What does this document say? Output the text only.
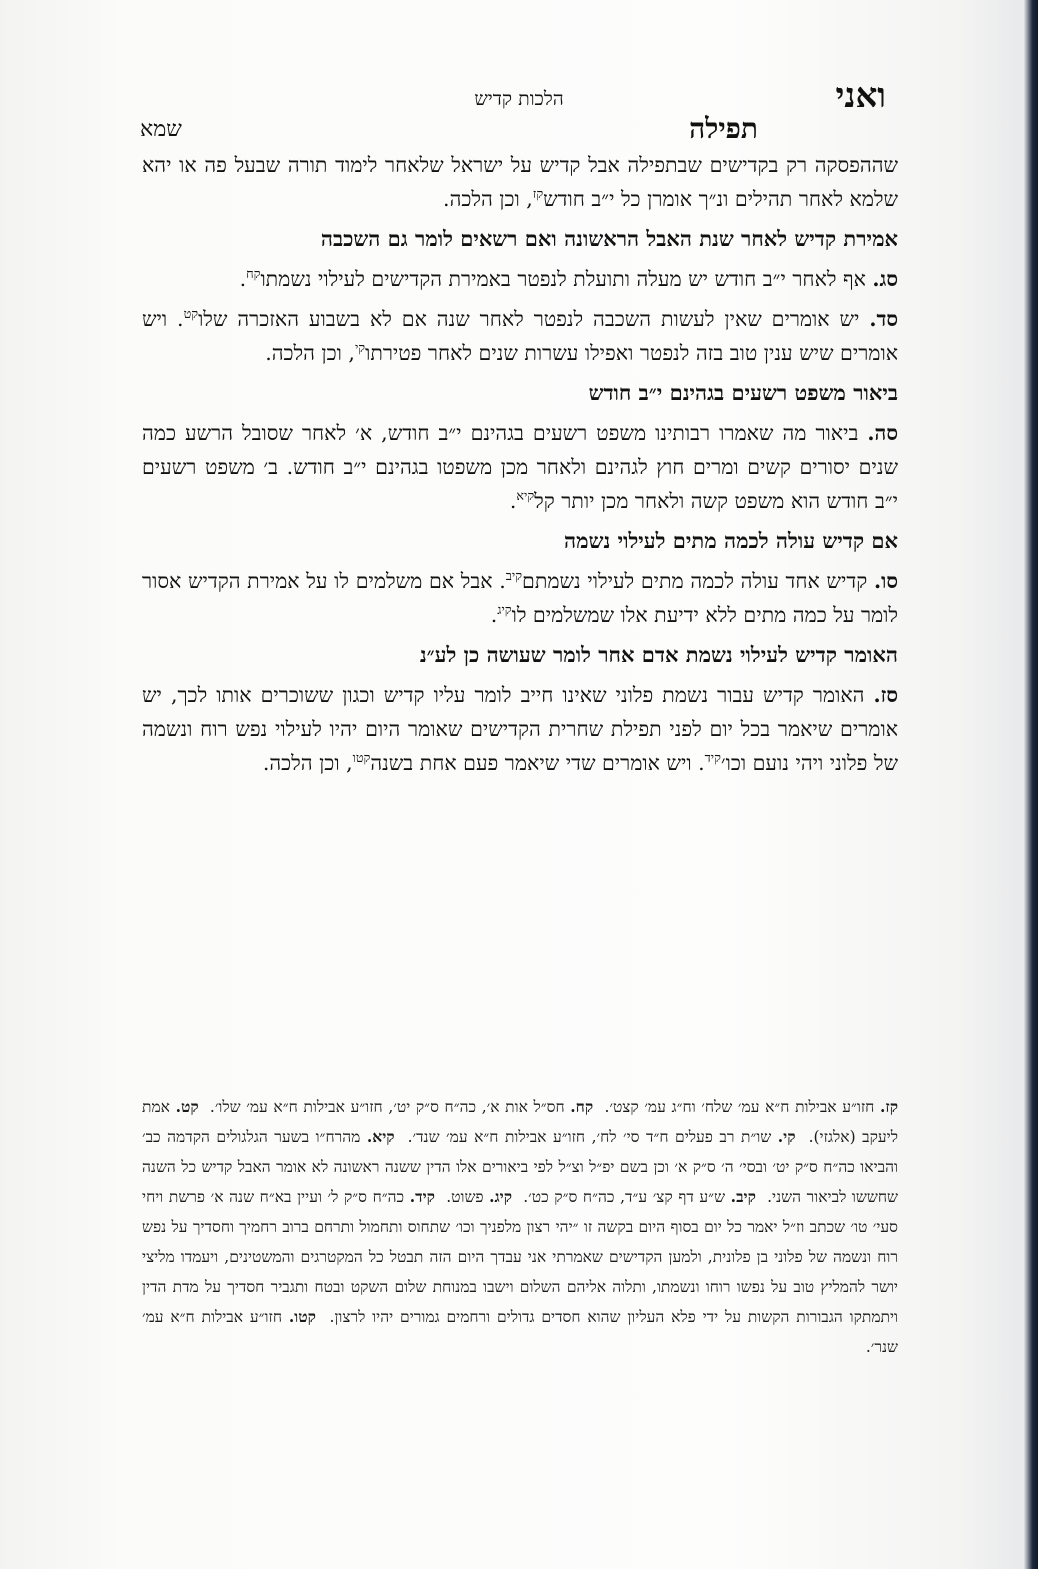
ואני
הלכות קדיש
תפילה
שמא

שההפסקה רק בקדישים שבתפילה אבל קדיש על ישראל שלאחר לימוד תורה שבעל פה או יהא שלמא לאחר תהילים ונ״ך אומרן כל י״ב חודש$^{קז}$, וכן הלכה.

אמירת קדיש לאחר שנת האבל הראשונה ואם רשאים לומר גם השכבה

סג. אף לאחר י״ב חודש יש מעלה ותועלת לנפטר באמירת הקדישים לעילוי נשמתו$^{קח}$.

סד. יש אומרים שאין לעשות השכבה לנפטר לאחר שנה אם לא בשבוע האזכרה שלו$^{קט}$. ויש אומרים שיש ענין טוב בזה לנפטר ואפילו עשרות שנים לאחר פטירתו$^{קי}$, וכן הלכה.

ביאור משפט רשעים בגהינם י״ב חודש

סה. ביאור מה שאמרו רבותינו משפט רשעים בגהינם י״ב חודש, א׳ לאחר שסובל הרשע כמה שנים יסורים קשים ומרים חוץ לגהינם ולאחר מכן משפטו בגהינם י״ב חודש. ב׳ משפט רשעים י״ב חודש הוא משפט קשה ולאחר מכן יותר קל$^{קיא}$.

אם קדיש עולה לכמה מתים לעילוי נשמה

סו. קדיש אחד עולה לכמה מתים לעילוי נשמתם$^{קיב}$. אבל אם משלמים לו על אמירת הקדיש אסור לומר על כמה מתים ללא ידיעת אלו שמשלמים לו$^{קיג}$.

האומר קדיש לעילוי נשמת אדם אחר לומר שעושה כן לע״נ

סז. האומר קדיש עבור נשמת פלוני שאינו חייב לומר עליו קדיש וכגון ששוכרים אותו לכך, יש אומרים שיאמר בכל יום לפני תפילת שחרית הקדישים שאומר היום יהיו לעילוי נפש רוח ונשמה של פלוני ויהי נועם וכו׳$^{קיד}$. ויש אומרים שדי שיאמר פעם אחת בשנה$^{קטו}$, וכן הלכה.

קז. חזו״ע אבילות ח״א עמ׳ שלח׳ וח״ג עמ׳ קצט׳.  קח. חס״ל אות א׳, כה״ח ס״ק יט׳, חזו״ע אבילות ח״א עמ׳ שלו׳.  קט. אמת ליעקב (אלגזי).  קי. שו״ת רב פעלים ח״ד סי׳ לח׳, חזו״ע אבילות ח״א עמ׳ שנד׳.  קיא. מהרח״ו בשער הגלגולים הקדמה כב׳ והביאו כה״ח ס״ק יט׳ ובסי׳ ה׳ ס״ק א׳ וכן בשם יפ״ל וצ״ל לפי ביאורים אלו הדין ששנה ראשונה לא אומר האבל קדיש כל השנה שחששו לביאור השני.  קיב. ש״ע דף קצ׳ ע״ד, כה״ח ס״ק כט׳.  קיג. פשוט.  קיד. כה״ח ס״ק ל׳ ועיין בא״ח שנה א׳ פרשת ויחי סעי׳ טו׳ שכתב וז״ל יאמר כל יום בסוף היום בקשה זו ״יהי רצון מלפניך וכו׳ שתחוס ותחמול ותרחם ברוב רחמיך וחסדיך על נפש רוח ונשמה של פלוני בן פלונית, ולמען הקדישים שאמרתי אני עבדך היום הזה תבטל כל המקטרגים והמשטינים, ויעמדו מליצי יושר להמליץ טוב על נפשו רוחו ונשמתו, ותלוה אליהם השלום וישבו במנוחת שלום השקט ובטח ותגביר חסדיך על מדת הדין ויתמתקו הגבורות הקשות על ידי פלא העליון שהוא חסדים גדולים ורחמים גמורים יהיו לרצון.  קטו. חזו״ע אבילות ח״א עמ׳ שנר׳.
